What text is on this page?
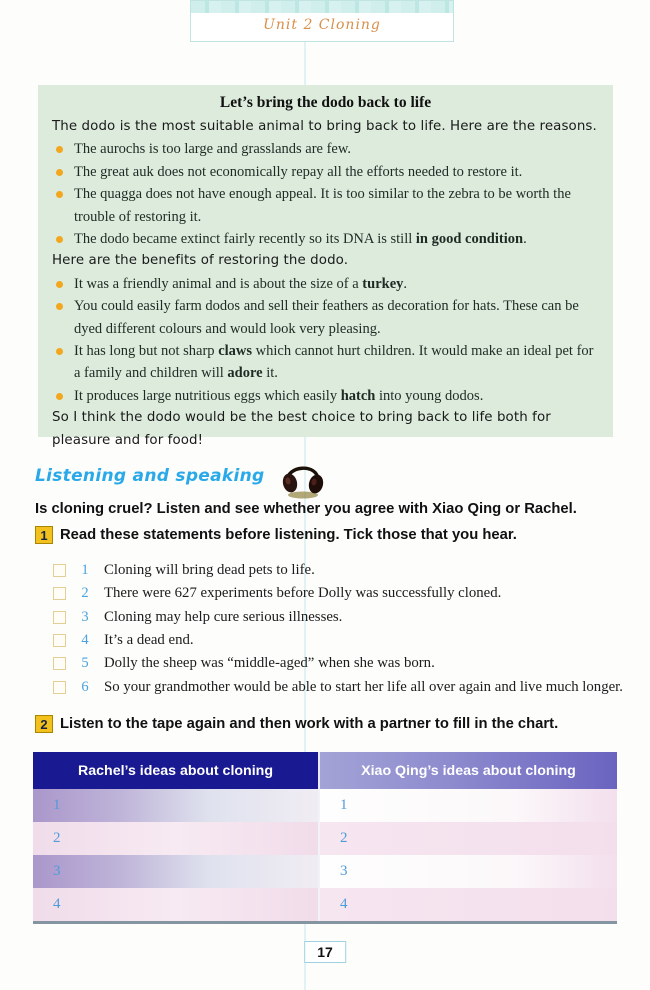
Unit 2 Cloning
Let’s bring the dodo back to life
The dodo is the most suitable animal to bring back to life. Here are the reasons.
The aurochs is too large and grasslands are few.
The great auk does not economically repay all the efforts needed to restore it.
The quagga does not have enough appeal. It is too similar to the zebra to be worth the trouble of restoring it.
The dodo became extinct fairly recently so its DNA is still in good condition.
Here are the benefits of restoring the dodo.
It was a friendly animal and is about the size of a turkey.
You could easily farm dodos and sell their feathers as decoration for hats. These can be dyed different colours and would look very pleasing.
It has long but not sharp claws which cannot hurt children. It would make an ideal pet for a family and children will adore it.
It produces large nutritious eggs which easily hatch into young dodos.
So I think the dodo would be the best choice to bring back to life both for pleasure and for food!
Listening and speaking
Is cloning cruel? Listen and see whether you agree with Xiao Qing or Rachel.
1 Read these statements before listening. Tick those that you hear.
1 Cloning will bring dead pets to life.
2 There were 627 experiments before Dolly was successfully cloned.
3 Cloning may help cure serious illnesses.
4 It’s a dead end.
5 Dolly the sheep was “middle-aged” when she was born.
6 So your grandmother would be able to start her life all over again and live much longer.
2 Listen to the tape again and then work with a partner to fill in the chart.
Rachel’s ideas about cloning	Xiao Qing’s ideas about cloning
1	1
2	2
3	3
4	4
17
